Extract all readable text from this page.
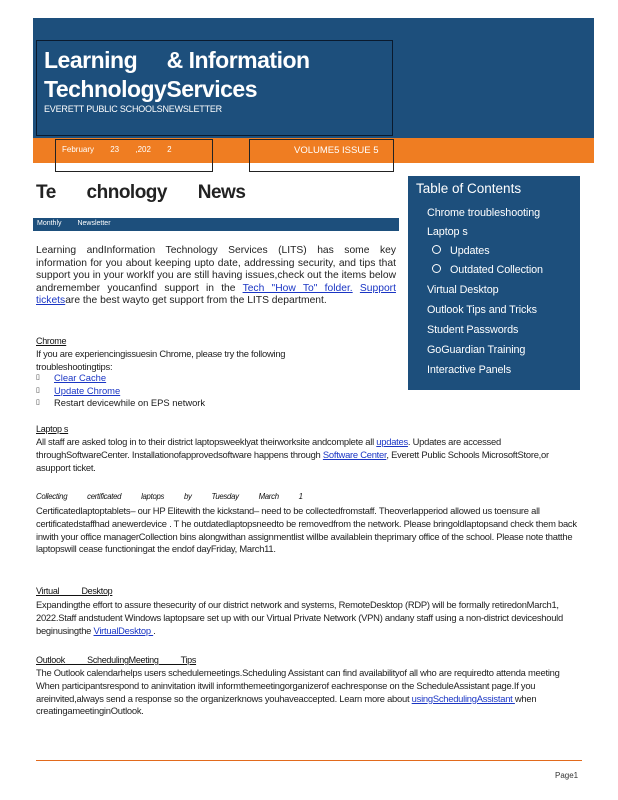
Learning     & Information
TechnologyServices
EVERETT PUBLIC SCHOOLSNEWSLETTER
February 23 ,202 2	VOLUME5 ISSUE 5
Te chnology News
Monthly Newsletter
Learning andInformation Technology Services (LITS) has some key information for you about keeping upto date, addressing security, and tips that support you in your workIf you are still having issues,check out the items below andremember youcanfind support in the Tech "How To" folder. Support ticketsare the best wayto get support from the LITS department.
Chrome
If you are experiencingissuesin Chrome, please try the following troubleshootingtips:
▯ Clear Cache
▯ Update Chrome
▯ Restart devicewhile on EPS network
Laptop s
All staff are asked tolog in to their district laptopsweeklyat theirworksite andcomplete all updates. Updates are accessed throughSoftwareCenter. Installationofapprovedsoftware happens through Software Center, Everett Public Schools MicrosoftStore,or asupport ticket.
Collecting certificated laptops by Tuesday March 1
Certificatedlaptoptablets– our HP Elitewith the kickstand– need to be collectedfromstaff. Theoverlapperiod allowed us toensure all certificatedstaffhad anewerdevice . T he outdatedlaptopsneedto be removedfrom the network. Please bringoldlaptopsand check them back inwith your office managerCollection bins alongwithan assignmentlist willbe availablein theprimary office of the school. Please note thatthe laptopswill cease functioningat the endof dayFriday, March11.
Virtual Desktop
Expandingthe effort to assure thesecurity of our district network and systems, RemoteDesktop (RDP) will be formally retiredonMarch1, 2022.Staff andstudent Windows laptopsare set up with our Virtual Private Network (VPN) andany staff using a non-district deviceshould beginusingthe VirtualDesktop .
Outlook SchedulingMeeting Tips
The Outlook calendarhelps users schedulemeetings.Scheduling Assistant can find availabilityof all who are requiredto attenda meeting When participantsrespond to aninvitation itwill informthemeetingorganizerof eachresponse on the ScheduleAssistant page.If you areinvited,always send a response so the organizerknows youhaveaccepted. Learn more about usingSchedulingAssistant when creatingameetinginOutlook.
Table of Contents
Chrome troubleshooting
Laptop s
Updates
Outdated Collection
Virtual Desktop
Outlook Tips and Tricks
Student Passwords
GoGuardian Training
Interactive Panels
Page1
